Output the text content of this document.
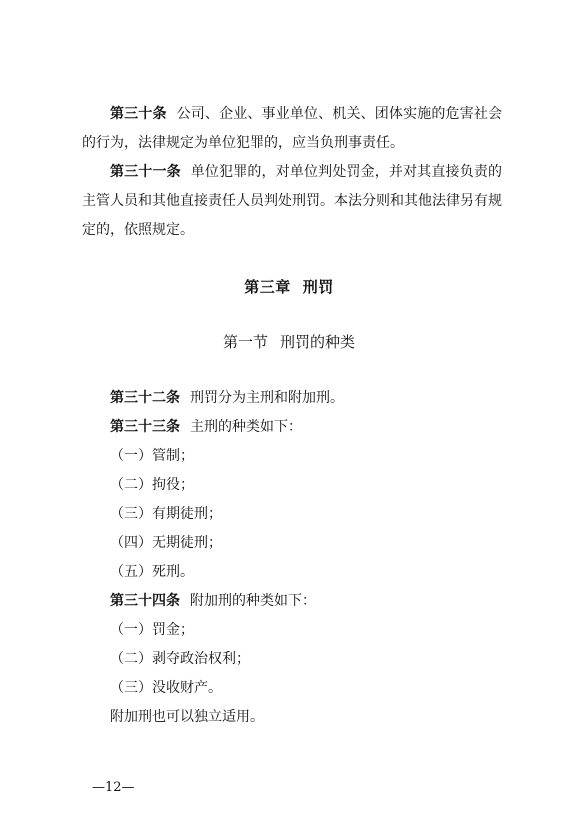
第三十条 公司、企业、事业单位、机关、团体实施的危害社会的行为，法律规定为单位犯罪的，应当负刑事责任。

第三十一条 单位犯罪的，对单位判处罚金，并对其直接负责的主管人员和其他直接责任人员判处刑罚。本法分则和其他法律另有规定的，依照规定。

第三章 刑罚

第一节 刑罚的种类

第三十二条 刑罚分为主刑和附加刑。

第三十三条 主刑的种类如下：

（一）管制；

（二）拘役；

（三）有期徒刑；

（四）无期徒刑；

（五）死刑。

第三十四条 附加刑的种类如下：

（一）罚金；

（二）剥夺政治权利；

（三）没收财产。

附加刑也可以独立适用。

—12—
